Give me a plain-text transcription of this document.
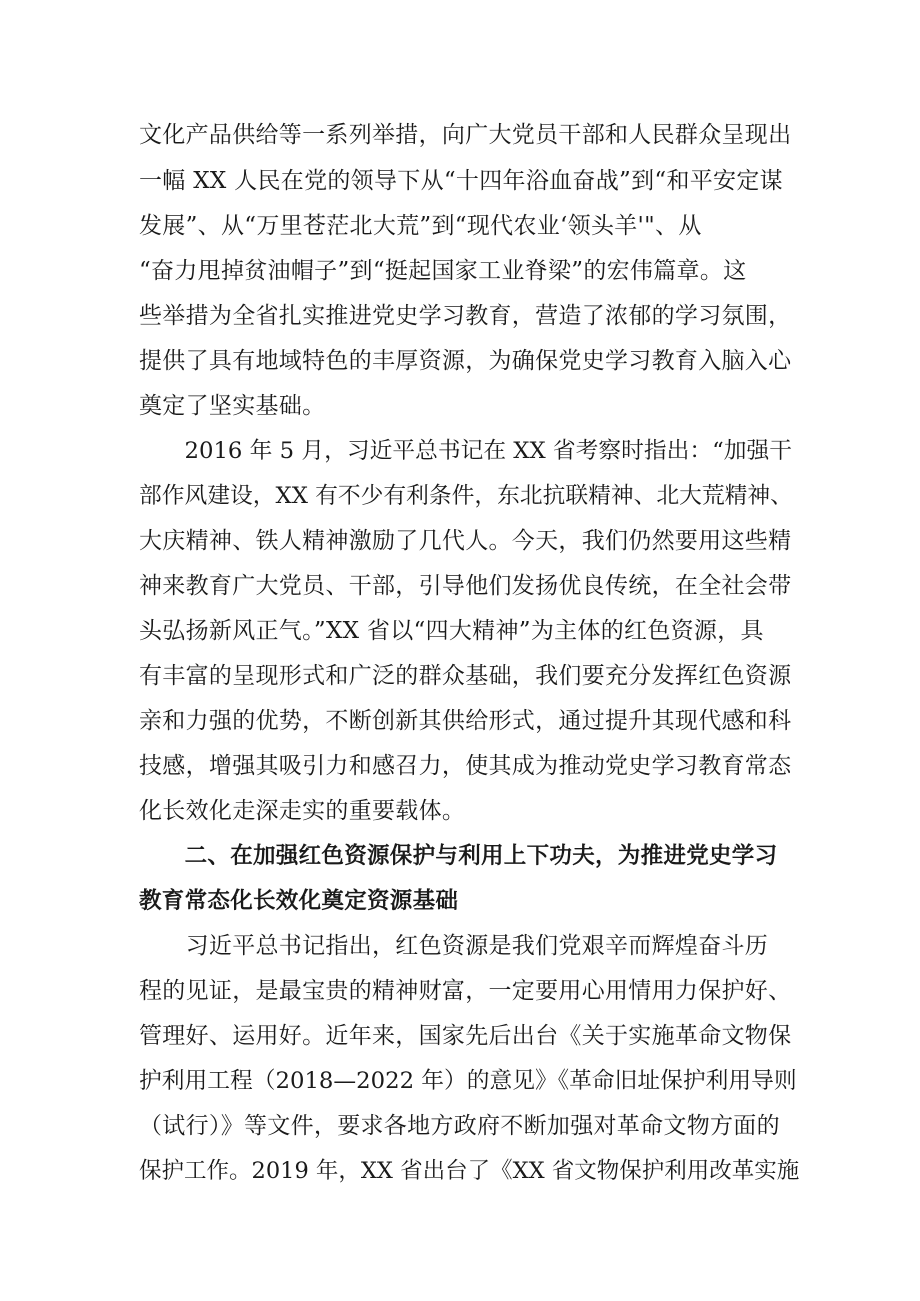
文化产品供给等一系列举措，向广大党员干部和人民群众呈现出
一幅 XX 人民在党的领导下从“十四年浴血奋战”到“和平安定谋
发展”、从“万里苍茫北大荒”到“现代农业‘领头羊'"、从
“奋力甩掉贫油帽子”到“挺起国家工业脊梁”的宏伟篇章。这
些举措为全省扎实推进党史学习教育，营造了浓郁的学习氛围，
提供了具有地域特色的丰厚资源，为确保党史学习教育入脑入心
奠定了坚实基础。
　　2016 年 5 月，习近平总书记在 XX 省考察时指出：“加强干
部作风建设，XX 有不少有利条件，东北抗联精神、北大荒精神、
大庆精神、铁人精神激励了几代人。今天，我们仍然要用这些精
神来教育广大党员、干部，引导他们发扬优良传统，在全社会带
头弘扬新风正气。”XX 省以“四大精神”为主体的红色资源，具
有丰富的呈现形式和广泛的群众基础，我们要充分发挥红色资源
亲和力强的优势，不断创新其供给形式，通过提升其现代感和科
技感，增强其吸引力和感召力，使其成为推动党史学习教育常态
化长效化走深走实的重要载体。
　　二、在加强红色资源保护与利用上下功夫，为推进党史学习
教育常态化长效化奠定资源基础
　　习近平总书记指出，红色资源是我们党艰辛而辉煌奋斗历
程的见证，是最宝贵的精神财富，一定要用心用情用力保护好、
管理好、运用好。近年来，国家先后出台《关于实施革命文物保
护利用工程（2018—2022 年）的意见》《革命旧址保护利用导则
（试行）》等文件，要求各地方政府不断加强对革命文物方面的
保护工作。2019 年，XX 省出台了《XX 省文物保护利用改革实施
